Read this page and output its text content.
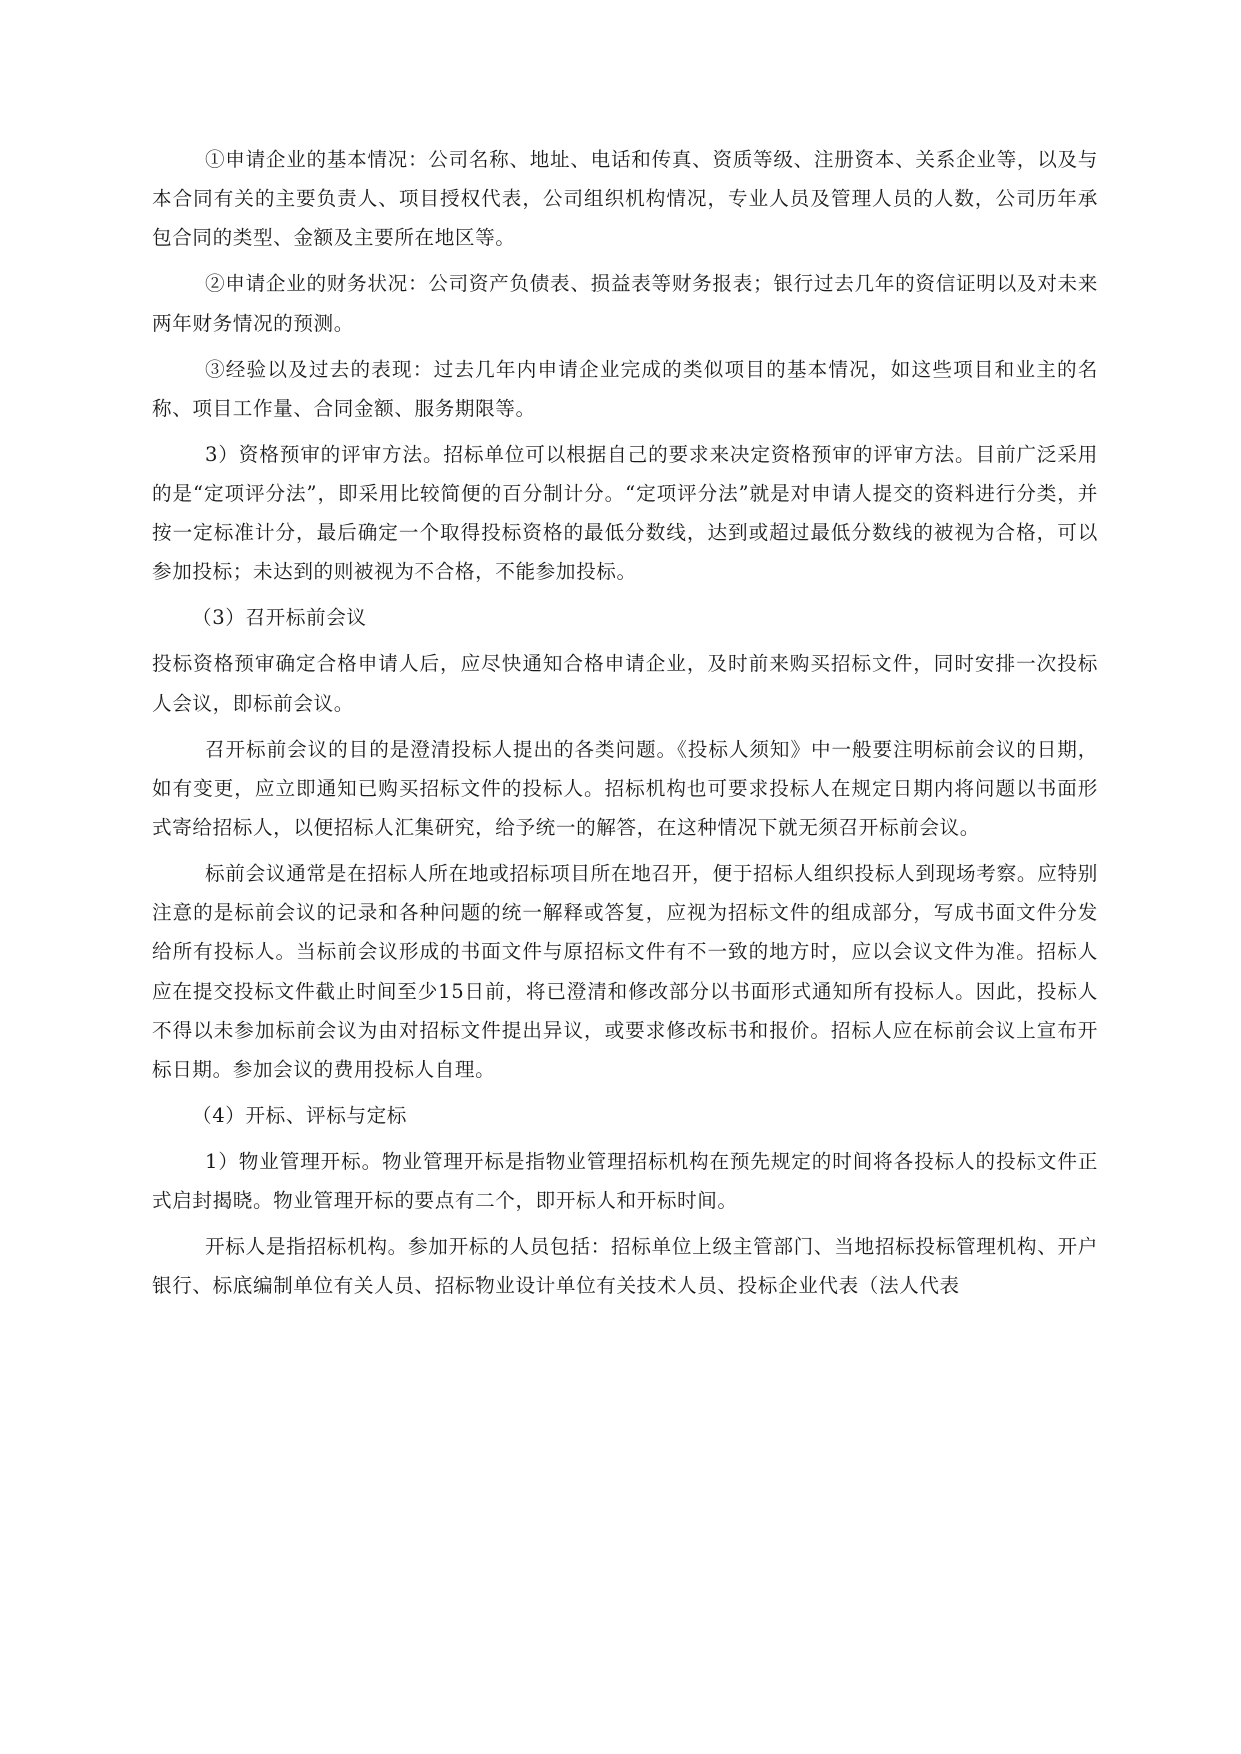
①申请企业的基本情况：公司名称、地址、电话和传真、资质等级、注册资本、关系企业等，以及与本合同有关的主要负责人、项目授权代表，公司组织机构情况，专业人员及管理人员的人数，公司历年承包合同的类型、金额及主要所在地区等。

②申请企业的财务状况：公司资产负债表、损益表等财务报表；银行过去几年的资信证明以及对未来两年财务情况的预测。

③经验以及过去的表现：过去几年内申请企业完成的类似项目的基本情况，如这些项目和业主的名称、项目工作量、合同金额、服务期限等。

3）资格预审的评审方法。招标单位可以根据自己的要求来决定资格预审的评审方法。目前广泛采用的是“定项评分法”，即采用比较简便的百分制计分。“定项评分法”就是对申请人提交的资料进行分类，并按一定标准计分，最后确定一个取得投标资格的最低分数线，达到或超过最低分数线的被视为合格，可以参加投标；未达到的则被视为不合格，不能参加投标。

（3）召开标前会议

投标资格预审确定合格申请人后，应尽快通知合格申请企业，及时前来购买招标文件，同时安排一次投标人会议，即标前会议。

召开标前会议的目的是澄清投标人提出的各类问题。《投标人须知》中一般要注明标前会议的日期，如有变更，应立即通知已购买招标文件的投标人。招标机构也可要求投标人在规定日期内将问题以书面形式寄给招标人，以便招标人汇集研究，给予统一的解答，在这种情况下就无须召开标前会议。

标前会议通常是在招标人所在地或招标项目所在地召开，便于招标人组织投标人到现场考察。应特别注意的是标前会议的记录和各种问题的统一解释或答复，应视为招标文件的组成部分，写成书面文件分发给所有投标人。当标前会议形成的书面文件与原招标文件有不一致的地方时，应以会议文件为准。招标人应在提交投标文件截止时间至少15日前，将已澄清和修改部分以书面形式通知所有投标人。因此，投标人不得以未参加标前会议为由对招标文件提出异议，或要求修改标书和报价。招标人应在标前会议上宣布开标日期。参加会议的费用投标人自理。

（4）开标、评标与定标

1）物业管理开标。物业管理开标是指物业管理招标机构在预先规定的时间将各投标人的投标文件正式启封揭晓。物业管理开标的要点有二个，即开标人和开标时间。

开标人是指招标机构。参加开标的人员包括：招标单位上级主管部门、当地招标投标管理机构、开户银行、标底编制单位有关人员、招标物业设计单位有关技术人员、投标企业代表（法人代表
